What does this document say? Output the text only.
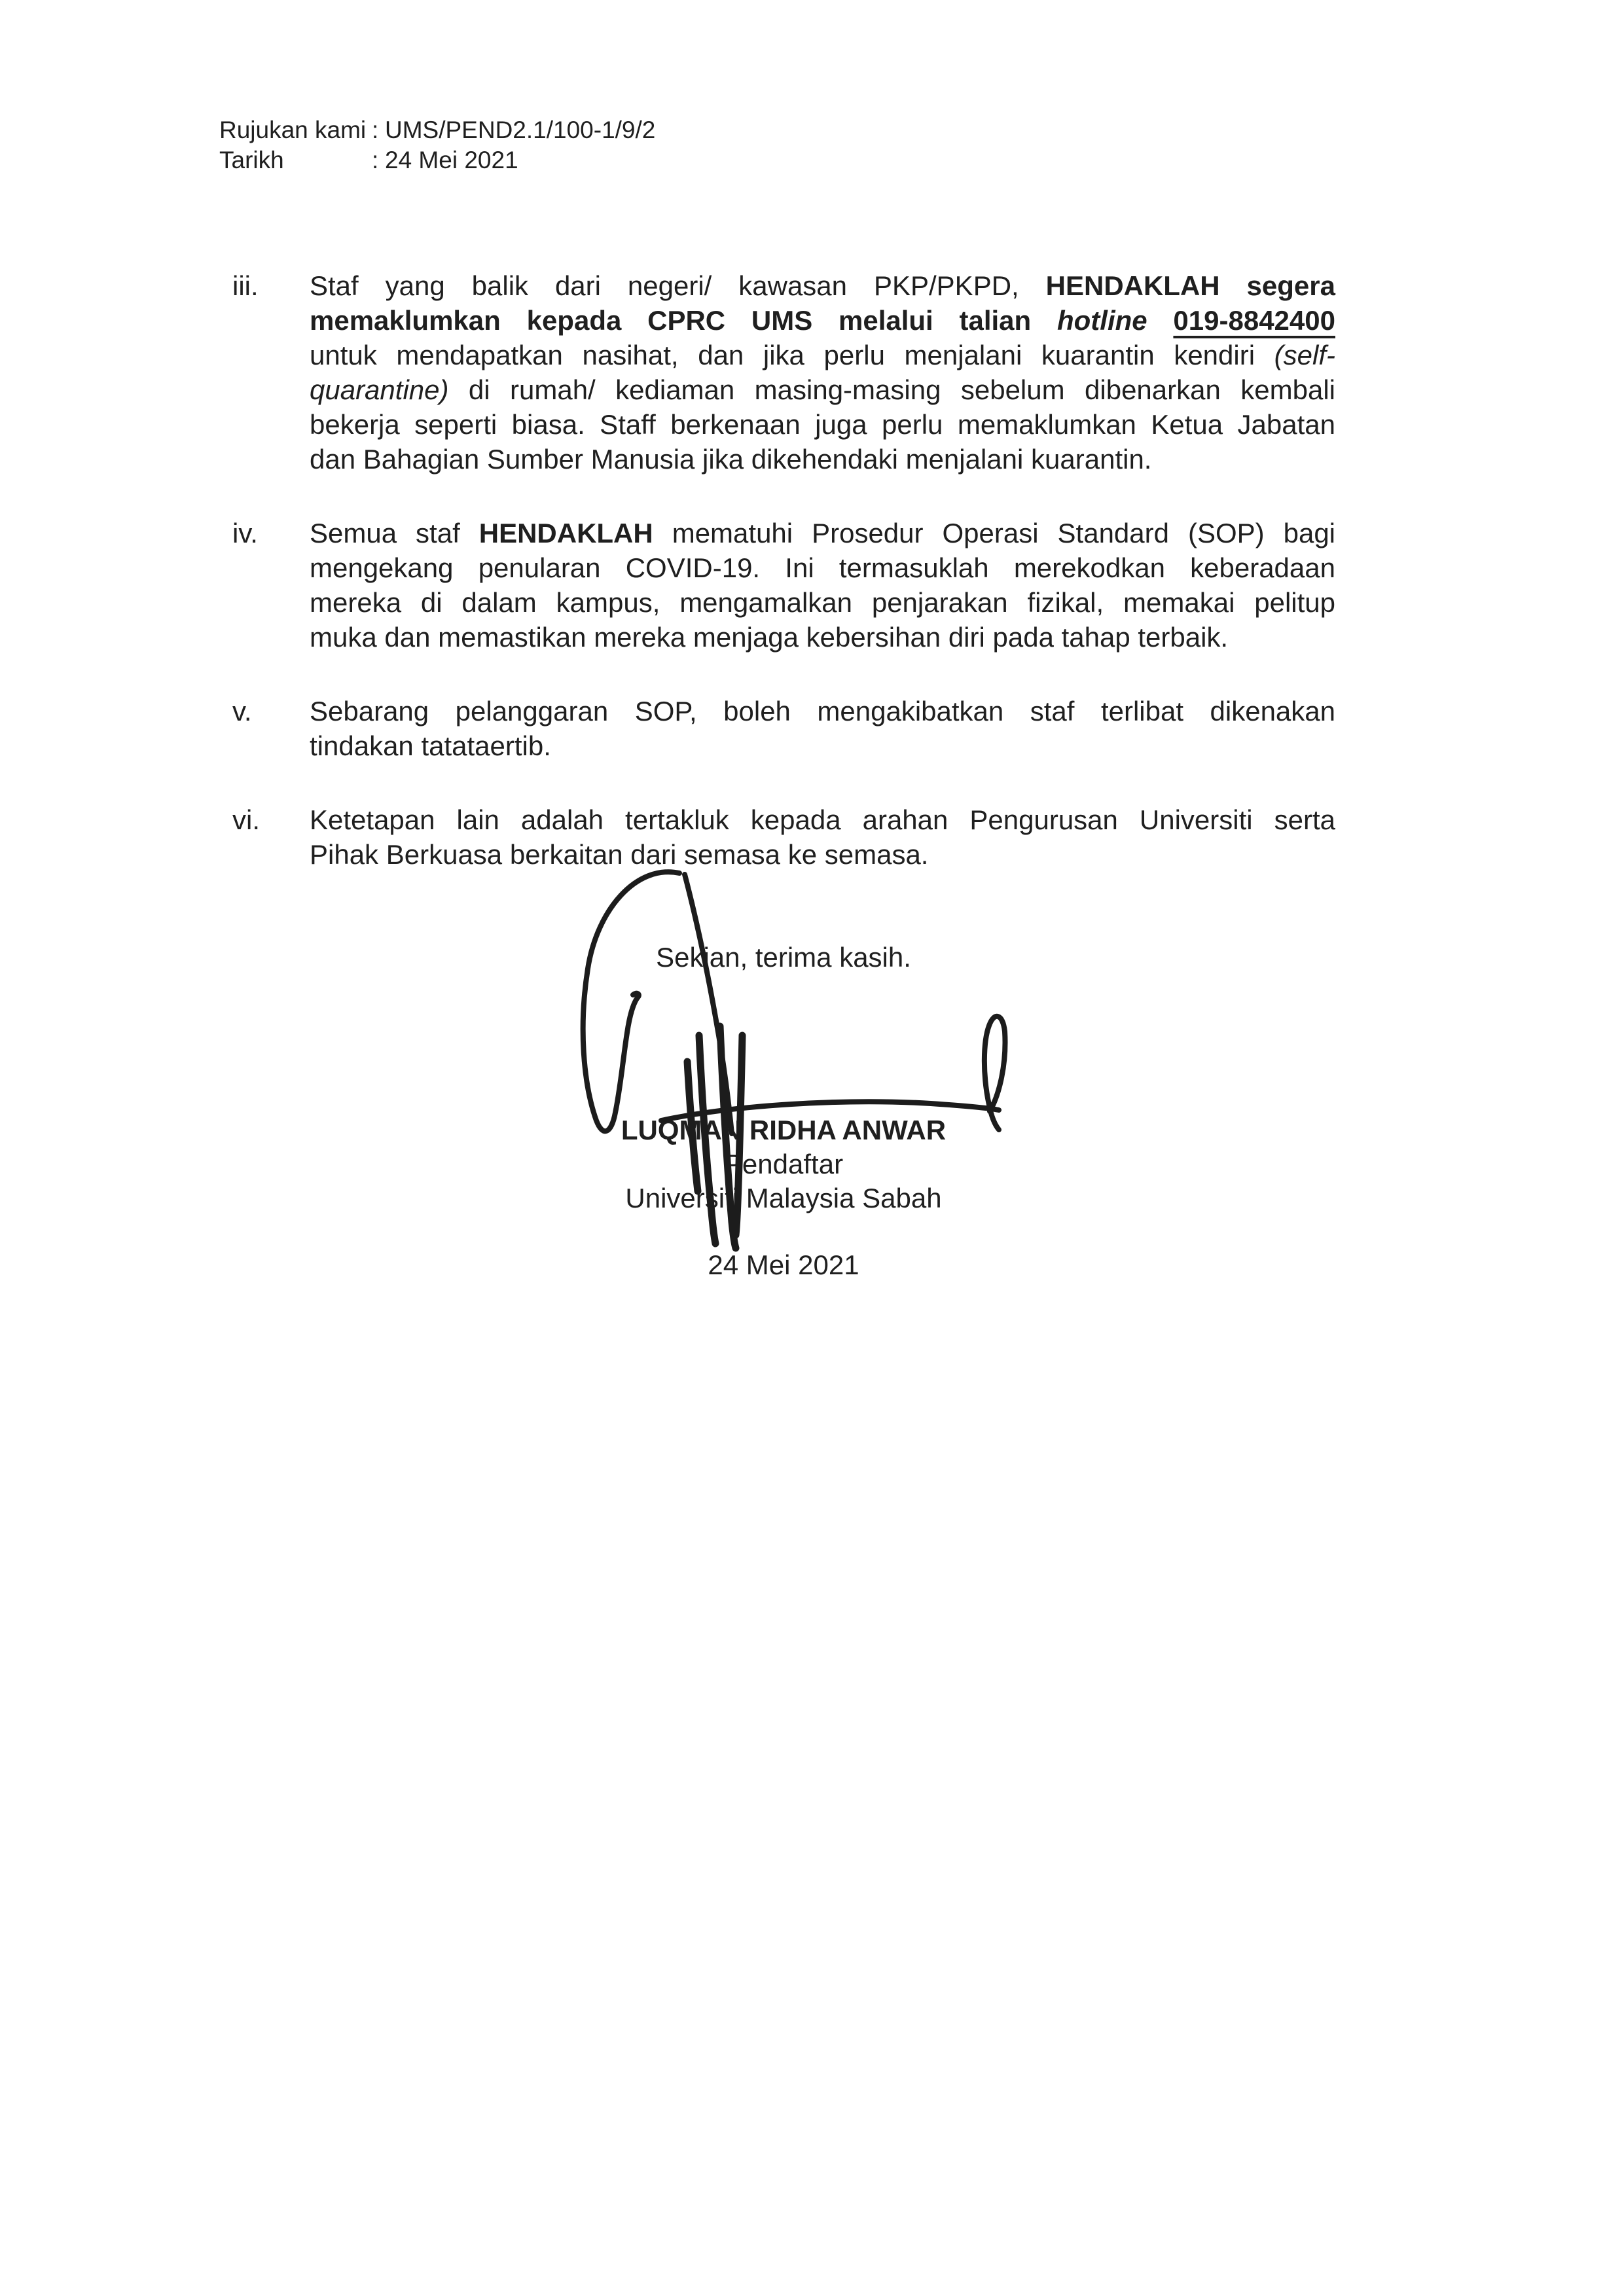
Rujukan kami : UMS/PEND2.1/100-1/9/2
Tarikh	: 24 Mei 2021
iii.	Staf yang balik dari negeri/ kawasan PKP/PKPD, HENDAKLAH segera
memaklumkan kepada CPRC UMS melalui talian hotline 019-8842400
untuk mendapatkan nasihat, dan jika perlu menjalani kuarantin kendiri (self-
quarantine) di rumah/ kediaman masing-masing sebelum dibenarkan kembali
bekerja seperti biasa. Staff berkenaan juga perlu memaklumkan Ketua Jabatan
dan Bahagian Sumber Manusia jika dikehendaki menjalani kuarantin.
iv.	Semua staf HENDAKLAH mematuhi Prosedur Operasi Standard (SOP) bagi
mengekang penularan COVID-19. Ini termasuklah merekodkan keberadaan
mereka di dalam kampus, mengamalkan penjarakan fizikal, memakai pelitup
muka dan memastikan mereka menjaga kebersihan diri pada tahap terbaik.
v.	Sebarang pelanggaran SOP, boleh mengakibatkan staf terlibat dikenakan
tindakan tatataertib.
vi.	Ketetapan lain adalah tertakluk kepada arahan Pengurusan Universiti serta
Pihak Berkuasa berkaitan dari semasa ke semasa.
Sekian, terima kasih.
LUQMAN RIDHA ANWAR
Pendaftar
Universiti Malaysia Sabah
24 Mei 2021
